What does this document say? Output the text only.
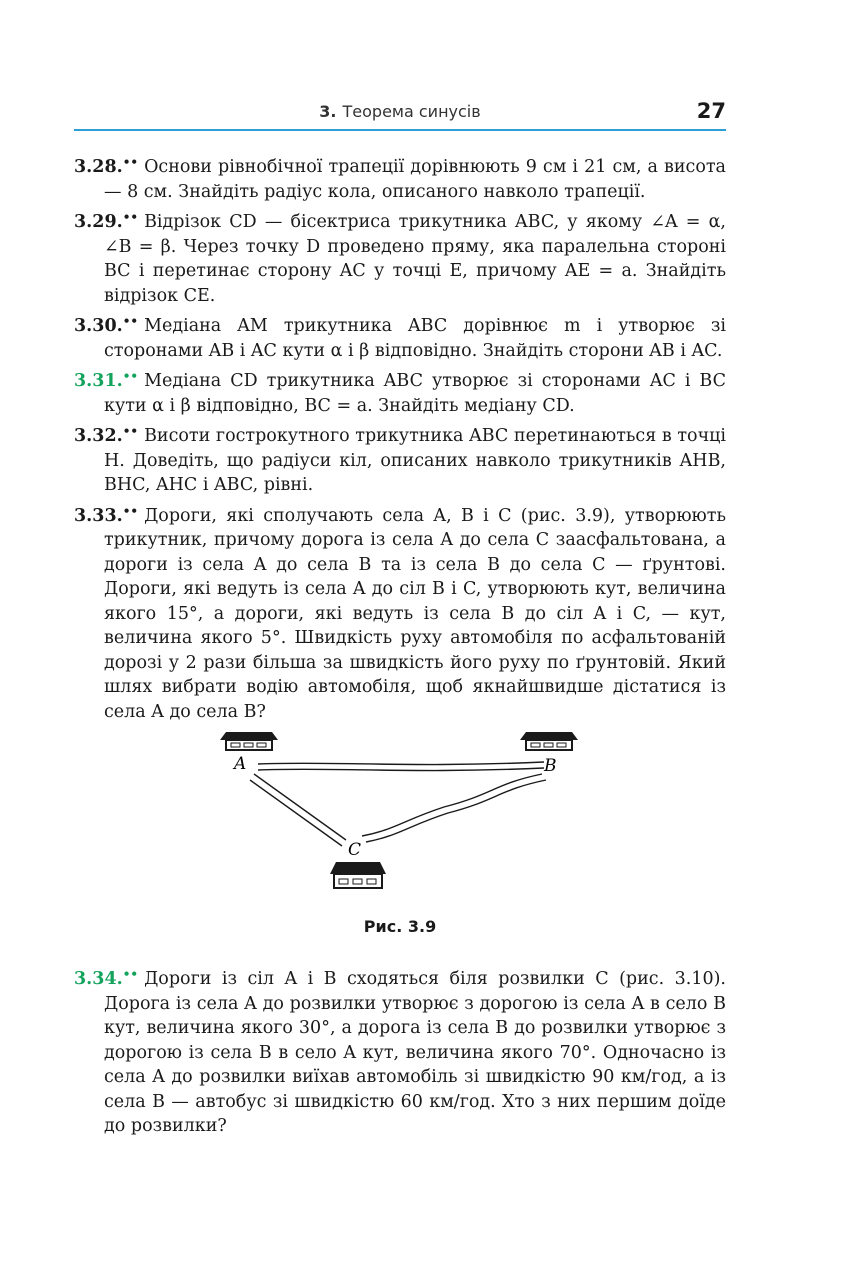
3. Теорема синусів	27
3.28.•• Основи рівнобічної трапеції дорівнюють 9 см і 21 см, а висота — 8 см. Знайдіть радіус кола, описаного навколо трапеції.
3.29.•• Відрізок CD — бісектриса трикутника ABC, у якому ∠A = α, ∠B = β. Через точку D проведено пряму, яка паралельна стороні BC і перетинає сторону AC у точці E, причому AE = a. Знайдіть відрізок CE.
3.30.•• Медіана AM трикутника ABC дорівнює m і утворює зі сторонами AB і AC кути α і β відповідно. Знайдіть сторони AB і AC.
3.31.•• Медіана CD трикутника ABC утворює зі сторонами AC і BC кути α і β відповідно, BC = a. Знайдіть медіану CD.
3.32.•• Висоти гострокутного трикутника ABC перетинаються в точці H. Доведіть, що радіуси кіл, описаних навколо трикутників AHB, BHC, AHC і ABC, рівні.
3.33.•• Дороги, які сполучають села A, B і C (рис. 3.9), утворюють трикутник, причому дорога із села A до села C заасфальтована, а дороги із села A до села B та із села B до села C — ґрунтові. Дороги, які ведуть із села A до сіл B і C, утворюють кут, величина якого 15°, а дороги, які ведуть із села B до сіл A і C, — кут, величина якого 5°. Швидкість руху автомобіля по асфальтованій дорозі у 2 рази більша за швидкість його руху по ґрунтовій. Який шлях вибрати водію автомобіля, щоб якнайшвидше дістатися із села A до села B?
A	B
C
Рис. 3.9
3.34.•• Дороги із сіл A і B сходяться біля розвилки C (рис. 3.10). Дорога із села A до розвилки утворює з дорогою із села A в село B кут, величина якого 30°, а дорога із села B до розвилки утворює з дорогою із села B в село A кут, величина якого 70°. Одночасно із села A до розвилки виїхав автомобіль зі швидкістю 90 км/год, а із села B — автобус зі швидкістю 60 км/год. Хто з них першим доїде до розвилки?
